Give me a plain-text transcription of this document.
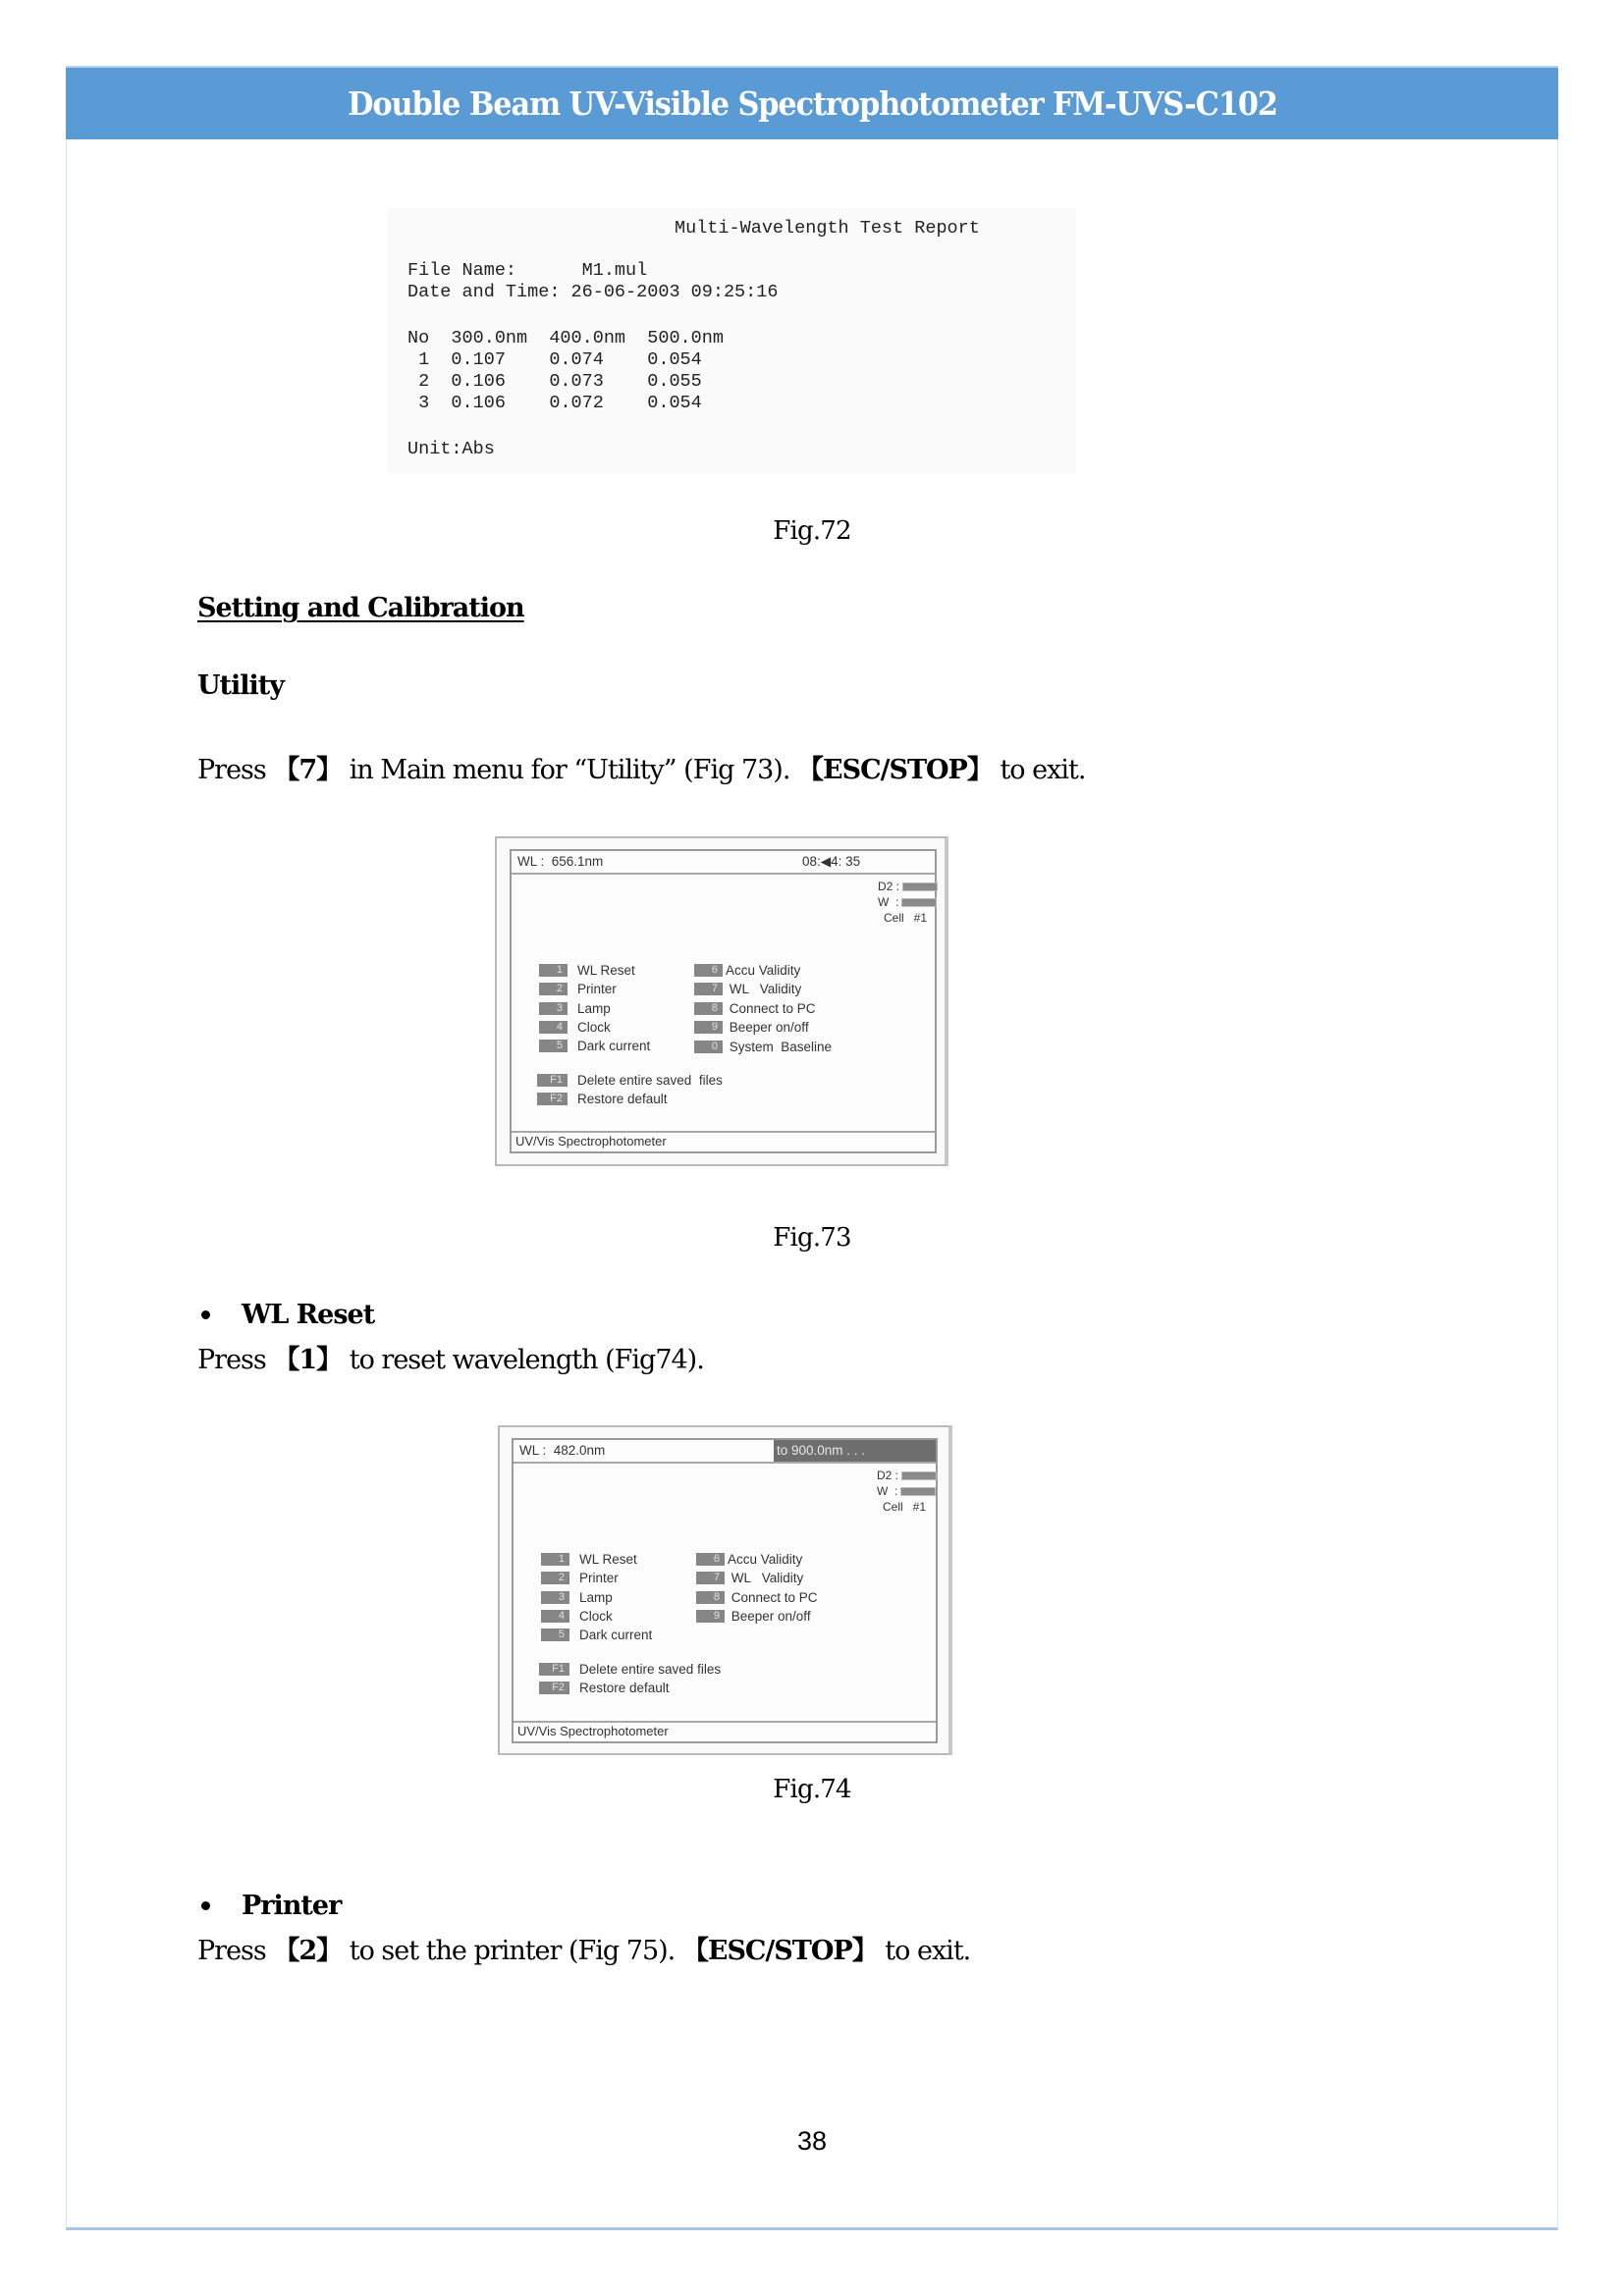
Double Beam UV-Visible Spectrophotometer FM-UVS-C102
Multi-Wavelength Test Report
File Name:      M1.mul
Date and Time: 26-06-2003 09:25:16
No  300.0nm  400.0nm  500.0nm
1  0.107    0.074    0.054
2  0.106    0.073    0.055
3  0.106    0.072    0.054
Unit:Abs
Fig.72
Setting and Calibration
Utility
Press 【7】 in Main menu for “Utility” (Fig 73). 【ESC/STOP】 to exit.
WL :  656.1nm	08:◀4: 35
D2 :
W  :
Cell   #1
1	WL Reset
2	Printer
3	Lamp
4	Clock
5	Dark current
6 Accu Validity
7 WL   Validity
8 Connect to PC
9 Beeper on/off
0 System  Baseline
F1	Delete entire saved  files
F2	Restore default
UV/Vis Spectrophotometer
Fig.73
WL Reset
Press 【1】 to reset wavelength (Fig74).
WL :  482.0nm	to 900.0nm . . .
D2 :
W  :
Cell   #1
1	WL Reset
2	Printer
3	Lamp
4	Clock
5	Dark current
6 Accu Validity
7 WL   Validity
8 Connect to PC
9 Beeper on/off
F1	Delete entire saved files
F2	Restore default
UV/Vis Spectrophotometer
Fig.74
Printer
Press 【2】 to set the printer (Fig 75). 【ESC/STOP】 to exit.
38
